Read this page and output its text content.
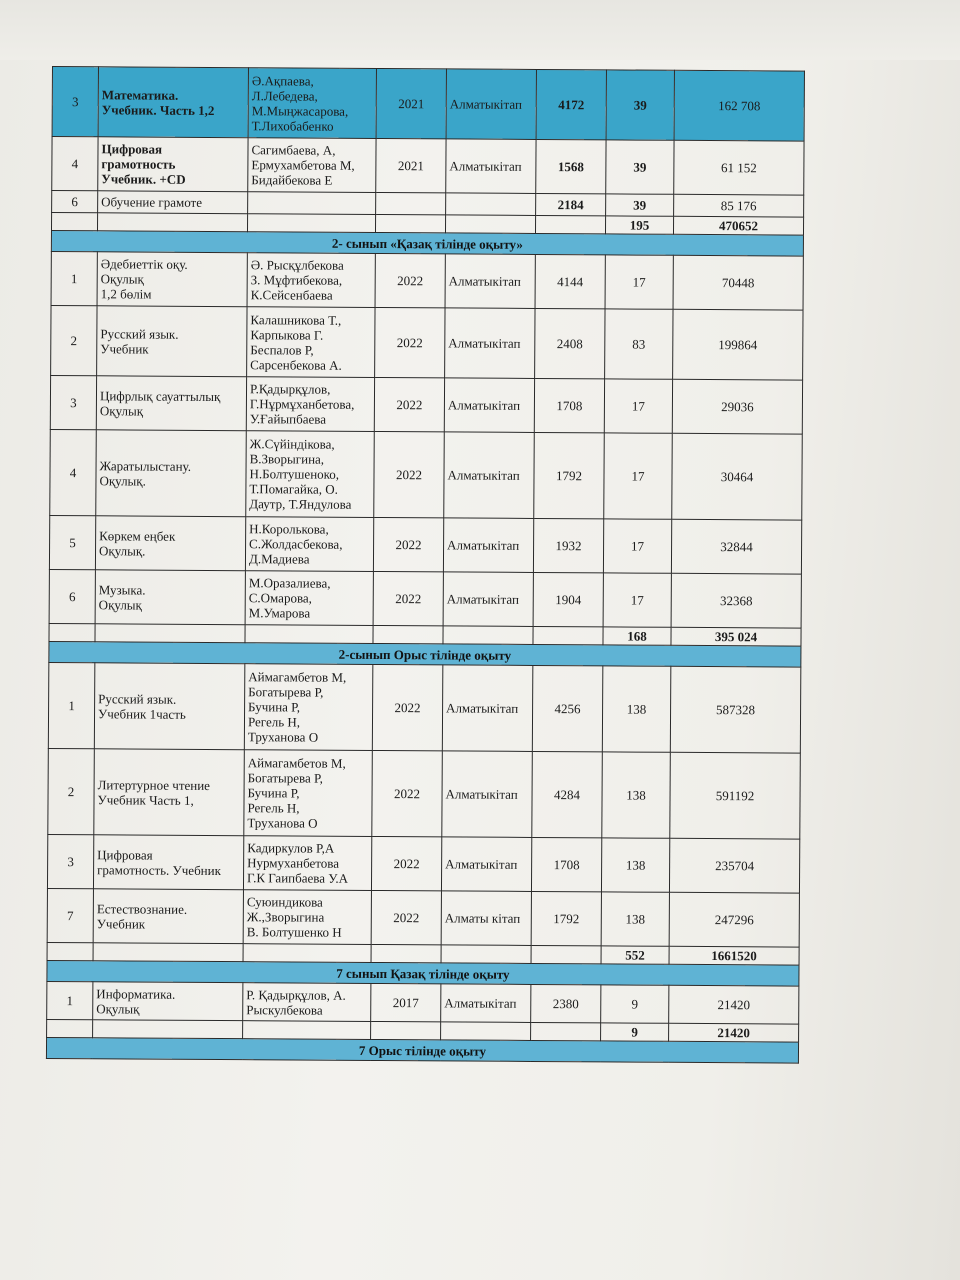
3	Математика.
Учебник. Часть 1,2	Ә.Ақпаева,
Л.Лебедева,
М.Мыңжасарова,
Т.Лихобабенко	2021	Алматыкітап	4172	39	162 708
4	Цифровая
грамотность
Учебник. +CD	Сагимбаева, А,
Ермухамбетова М,
Бидайбекова Е	2021	Алматыкітап	1568	39	61 152
6	Обучение грамоте				2184	39	85 176
						195	470652
2- сынып «Қазақ тілінде оқыту»							
1	Әдебиеттік оқу.
Оқулық
1,2 бөлім	Ә. Рысқұлбекова
З. Мұфтибекова,
К.Сейсенбаева	2022	Алматыкітап	4144	17	70448
2	Русский язык.
Учебник	Калашникова Т.,
Карпыкова Г.
Беспалов Р,
Сарсенбекова А.	2022	Алматыкітап	2408	83	199864
3	Цифрлық сауаттылық
Оқулық	Р.Қадырқұлов,
Г.Нұрмұханбетова,
У.Ғайыпбаева	2022	Алматыкітап	1708	17	29036
4	Жаратылыстану.
Оқулық.	Ж.Сүйіндікова,
В.Зворыгина,
Н.Болтушеноко,
Т.Помагайка, О.
Даутр, Т.Яндулова	2022	Алматыкітап	1792	17	30464
5	Көркем еңбек
Оқулық.	Н.Королькова,
С.Жолдасбекова,
Д.Мадиева	2022	Алматыкітап	1932	17	32844
6	Музыка.
Оқулық	М.Оразалиева,
С.Омарова,
М.Умарова	2022	Алматыкітап	1904	17	32368
						168	395 024
2-сынып Орыс тілінде оқыту							
1	Русский язык.
Учебник 1часть	Аймагамбетов М,
Богатырева Р,
Бучина Р,
Регель Н,
Труханова О	2022	Алматыкітап	4256	138	587328
2	Литертурное чтение
Учебник Часть 1,	Аймагамбетов М,
Богатырева Р,
Бучина Р,
Регель Н,
Труханова О	2022	Алматыкітап	4284	138	591192
3	Цифровая
грамотность. Учебник	Кадиркулов Р,А
Нурмуханбетова
Г.К Гаипбаева У.А	2022	Алматыкітап	1708	138	235704
7	Естествознание.
Учебник	Суюиндикова
Ж.,Зворыгина
В. Болтушенко Н	2022	Алматы кітап	1792	138	247296
						552	1661520
7 сынып Қазақ тілінде оқыту							
1	Информатика.
Оқулық	Р. Қадырқұлов, А.
Рыскулбекова	2017	Алматыкітап	2380	9	21420
						9	21420
7 Орыс тілінде оқыту							
